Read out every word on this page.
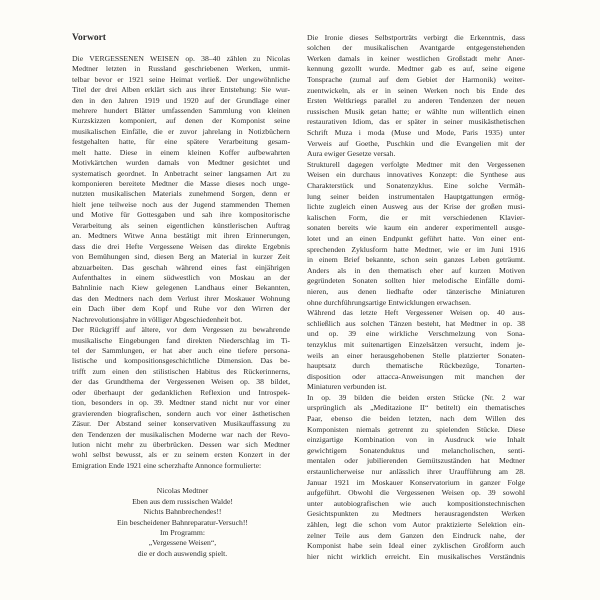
Vorwort
Die VERGESSENEN WEISEN op. 38–40 zählen zu Nicolas
Medtner letzten in Russland geschriebenen Werken, unmit-
telbar bevor er 1921 seine Heimat verließ. Der ungewöhnliche
Titel der drei Alben erklärt sich aus ihrer Entstehung: Sie wur-
den in den Jahren 1919 und 1920 auf der Grundlage einer
mehrere hundert Blätter umfassenden Sammlung von kleinen
Kurzskizzen komponiert, auf denen der Komponist seine
musikalischen Einfälle, die er zuvor jahrelang in Notizbüchern
festgehalten hatte, für eine spätere Verarbeitung gesam-
melt hatte. Diese in einem kleinen Koffer aufbewahrten
Motivkärtchen wurden damals von Medtner gesichtet und
systematisch geordnet. In Anbetracht seiner langsamen Art zu
komponieren bereitete Medtner die Masse dieses noch unge-
nutzten musikalischen Materials zunehmend Sorgen, denn er
hielt jene teilweise noch aus der Jugend stammenden Themen
und Motive für Gottesgaben und sah ihre kompositorische
Verarbeitung als seinen eigentlichen künstlerischen Auftrag
an. Medtners Witwe Anna bestätigt mit ihren Erinnerungen,
dass die drei Hefte Vergessene Weisen das direkte Ergebnis
von Bemühungen sind, diesen Berg an Material in kurzer Zeit
abzuarbeiten. Das geschah während eines fast einjährigen
Aufenthaltes in einem südwestlich von Moskau an der
Bahnlinie nach Kiew gelegenen Landhaus einer Bekannten,
das den Medtners nach dem Verlust ihrer Moskauer Wohnung
ein Dach über dem Kopf und Ruhe vor den Wirren der
Nachrevolutionsjahre in völliger Abgeschiedenheit bot.
Der Rückgriff auf ältere, vor dem Vergessen zu bewahrende
musikalische Eingebungen fand direkten Niederschlag im Ti-
tel der Sammlungen, er hat aber auch eine tiefere persona-
listische und kompositionsgeschichtliche Dimension. Das be-
trifft zum einen den stilistischen Habitus des Rückerinnerns,
der das Grundthema der Vergessenen Weisen op. 38 bildet,
oder überhaupt der gedanklichen Reflexion und Introspek-
tion, besonders in op. 39. Medtner stand nicht nur vor einer
gravierenden biografischen, sondern auch vor einer ästhetischen
Zäsur. Der Abstand seiner konservativen Musikauffassung zu
den Tendenzen der musikalischen Moderne war nach der Revo-
lution nicht mehr zu überbrücken. Dessen war sich Medtner
wohl selbst bewusst, als er zu seinem ersten Konzert in der
Emigration Ende 1921 eine scherzhafte Annonce formulierte:
Nicolas Medtner
Eben aus dem russischen Walde!
Nichts Bahnbrechendes!!
Ein bescheidener Bahnreparatur-Versuch!!
Im Programm:
„Vergessene Weisen“,
die er doch auswendig spielt.
Die Ironie dieses Selbstporträts verbirgt die Erkenntnis, dass
solchen der musikalischen Avantgarde entgegenstehenden
Werken damals in keiner westlichen Großstadt mehr Aner-
kennung gezollt wurde. Medtner gab es auf, seine eigene
Tonsprache (zumal auf dem Gebiet der Harmonik) weiter-
zuentwickeln, als er in seinen Werken noch bis Ende des
Ersten Weltkriegs parallel zu anderen Tendenzen der neuen
russischen Musik getan hatte; er wählte nun willentlich einen
restaurativen Idiom, das er später in seiner musikästhetischen
Schrift Muza i moda (Muse und Mode, Paris 1935) unter
Verweis auf Goethe, Puschkin und die Evangelien mit der
Aura ewiger Gesetze versah.
Strukturell dagegen verfolgte Medtner mit den Vergessenen
Weisen ein durchaus innovatives Konzept: die Synthese aus
Charakterstück und Sonatenzyklus. Eine solche Vermäh-
lung seiner beiden instrumentalen Hauptgattungen ermög-
lichte zugleich einen Ausweg aus der Krise der großen musi-
kalischen Form, die er mit verschiedenen Klavier-
sonaten bereits wie kaum ein anderer experimentell ausge-
lotet und an einen Endpunkt geführt hatte. Von einer ent-
sprechenden Zyklusform hatte Medtner, wie er im Juni 1916
in einem Brief bekannte, schon sein ganzes Leben geträumt.
Anders als in den thematisch eher auf kurzen Motiven
gegründeten Sonaten sollten hier melodische Einfälle domi-
nieren, aus denen liedhafte oder tänzerische Miniaturen
ohne durchführungsartige Entwicklungen erwachsen.
Während das letzte Heft Vergessener Weisen op. 40 aus-
schließlich aus solchen Tänzen besteht, hat Medtner in op. 38
und op. 39 eine wirkliche Verschmelzung von Sona-
tenzyklus mit suitenartigen Einzelsätzen versucht, indem je-
weils an einer herausgehobenen Stelle platzierter Sonaten-
hauptsatz durch thematische Rückbezüge, Tonarten-
disposition oder attacca-Anweisungen mit manchen der
Miniaturen verbunden ist.
In op. 39 bilden die beiden ersten Stücke (Nr. 2 war
ursprünglich als „Meditazione II“ betitelt) ein thematisches
Paar, ebenso die beiden letzten, nach dem Willen des
Komponisten niemals getrennt zu spielenden Stücke. Diese
einzigartige Kombination von in Ausdruck wie Inhalt
gewichtigem Sonatenduktus und melancholischen, senti-
mentalen oder jubilierenden Gemütszuständen hat Medtner
erstaunlicherweise nur anlässlich ihrer Uraufführung am 28.
Januar 1921 im Moskauer Konservatorium in ganzer Folge
aufgeführt. Obwohl die Vergessenen Weisen op. 39 sowohl
unter autobiografischen wie auch kompositionstechnischen
Gesichtspunkten zu Medtners herausragendsten Werken
zählen, legt die schon vom Autor praktizierte Selektion ein-
zelner Teile aus dem Ganzen den Eindruck nahe, der
Komponist habe sein Ideal einer zyklischen Großform auch
hier nicht wirklich erreicht. Ein musikalisches Verständnis
